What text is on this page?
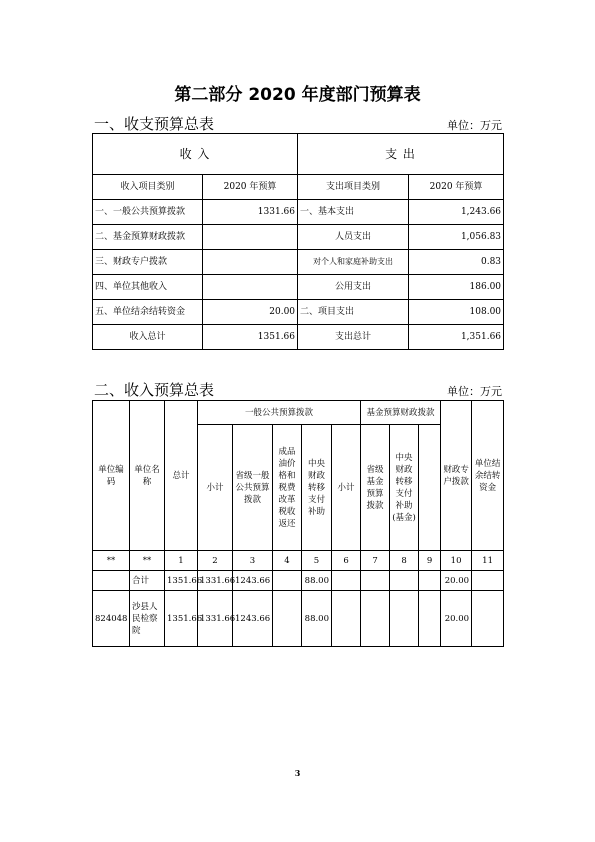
第二部分 2020 年度部门预算表
一、收支预算总表	单位：万元
收 入		支 出	
收入项目类别	2020 年预算	支出项目类别	2020 年预算
一、一般公共预算拨款	1331.66	一、基本支出	1,243.66
二、基金预算财政拨款		人员支出	1,056.83
三、财政专户拨款		对个人和家庭补助支出	0.83
四、单位其他收入		公用支出	186.00
五、单位结余结转资金	20.00	二、项目支出	108.00
收入总计	1351.66	支出总计	1,351.66
二、收入预算总表	单位：万元
单位编码	单位名称	总计	一般公共预算拨款					基金预算财政拨款			财政专户拨款	单位结余结转资金	
			小计	省级一般公共预算拨款	成品油价格和税费改革税收返还	中央财政转移支付补助	小计	省级基金预算拨款	中央财政转移支付补助(基金)				
**	**	1	2	3	4	5	6	7	8	9	10	11	
	合计	1351.66	1331.66	1243.66		88.00					20.00		
824048	沙县人民检察院	1351.66	1331.66	1243.66		88.00					20.00		
3
